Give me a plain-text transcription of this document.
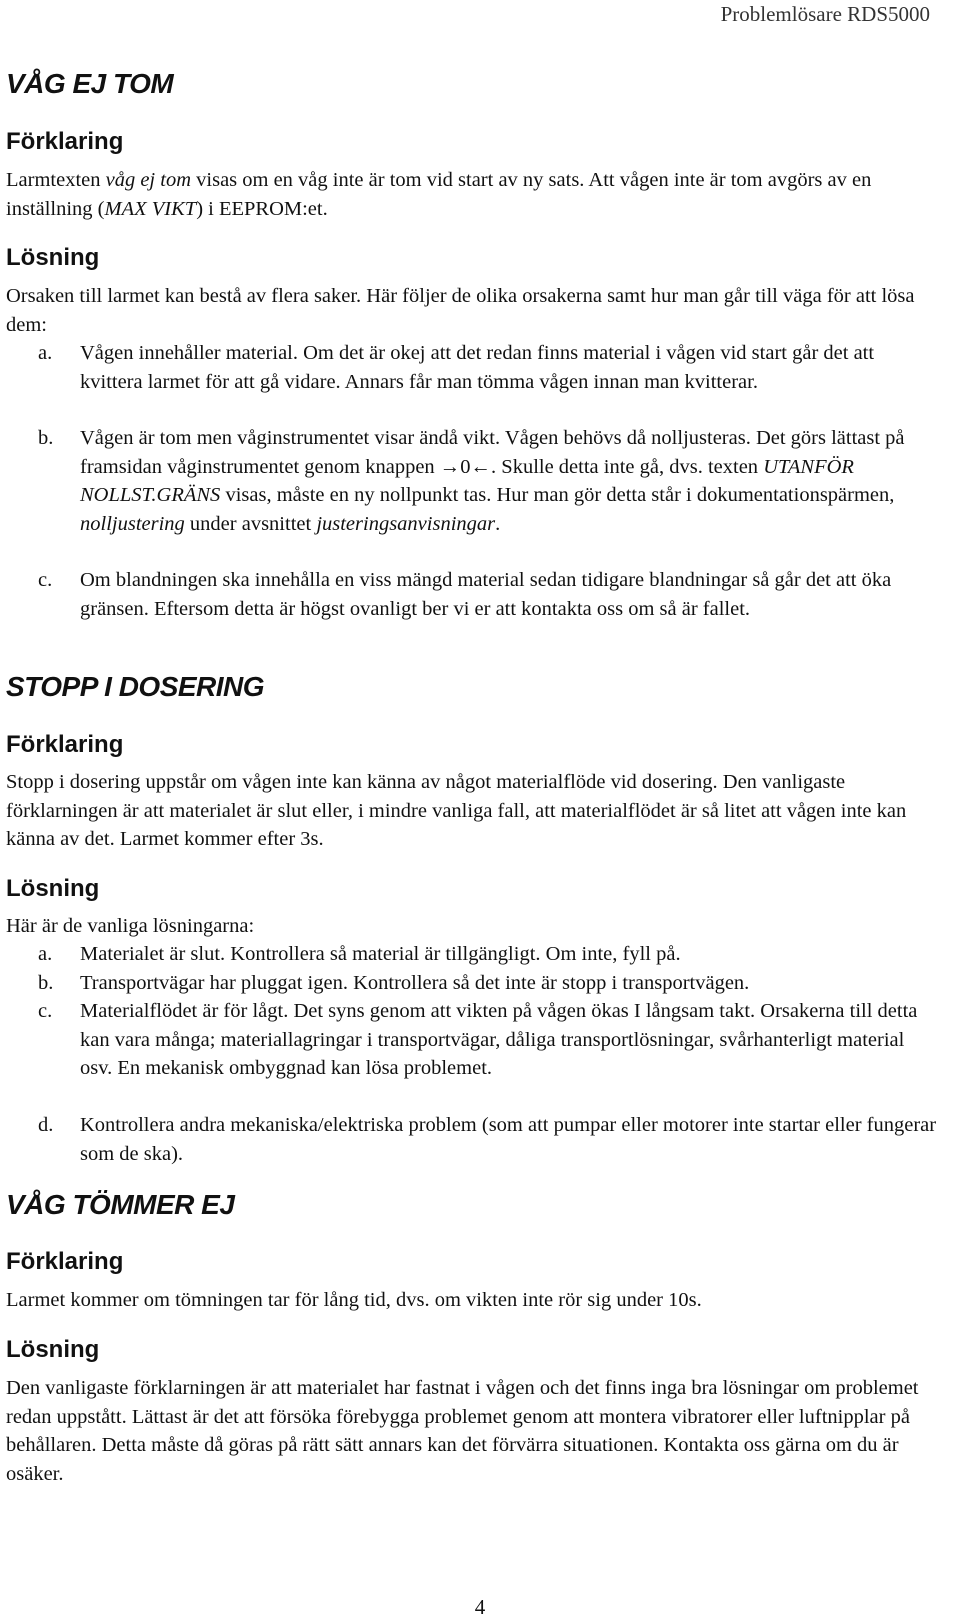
Problemlösare RDS5000
VÅG EJ TOM
Förklaring

Larmtexten våg ej tom visas om en våg inte är tom vid start av ny sats. Att vågen inte är tom avgörs av en inställning (MAX VIKT) i EEPROM:et.

Lösning

Orsaken till larmet kan bestå av flera saker. Här följer de olika orsakerna samt hur man går till väga för att lösa dem:

a. Vågen innehåller material. Om det är okej att det redan finns material i vågen vid start går det att kvittera larmet för att gå vidare. Annars får man tömma vågen innan man kvitterar.
b. Vågen är tom men våginstrumentet visar ändå vikt. Vågen behövs då nolljusteras. Det görs lättast på framsidan våginstrumentet genom knappen →0←. Skulle detta inte gå, dvs. texten UTANFÖR NOLLST.GRÄNS visas, måste en ny nollpunkt tas. Hur man gör detta står i dokumentationspärmen, nolljustering under avsnittet justeringsanvisningar.
c. Om blandningen ska innehålla en viss mängd material sedan tidigare blandningar så går det att öka gränsen. Eftersom detta är högst ovanligt ber vi er att kontakta oss om så är fallet.
STOPP I DOSERING
Förklaring

Stopp i dosering uppstår om vågen inte kan känna av något materialflöde vid dosering. Den vanligaste förklarningen är att materialet är slut eller, i mindre vanliga fall, att materialflödet är så litet att vågen inte kan känna av det. Larmet kommer efter 3s.

Lösning

Här är de vanliga lösningarna:

a. Materialet är slut. Kontrollera så material är tillgängligt. Om inte, fyll på.
b. Transportvägar har pluggat igen. Kontrollera så det inte är stopp i transportvägen.
c. Materialflödet är för lågt. Det syns genom att vikten på vågen ökas I långsam takt. Orsakerna till detta kan vara många; materiallagringar i transportvägar, dåliga transportlösningar, svårhanterligt material osv. En mekanisk ombyggnad kan lösa problemet.
d. Kontrollera andra mekaniska/elektriska problem (som att pumpar eller motorer inte startar eller fungerar som de ska).
VÅG TÖMMER EJ
Förklaring

Larmet kommer om tömningen tar för lång tid, dvs. om vikten inte rör sig under 10s.

Lösning

Den vanligaste förklarningen är att materialet har fastnat i vågen och det finns inga bra lösningar om problemet redan uppstått. Lättast är det att försöka förebygga problemet genom att montera vibratorer eller luftnipplar på behållaren. Detta måste då göras på rätt sätt annars kan det förvärra situationen. Kontakta oss gärna om du är osäker.

4
